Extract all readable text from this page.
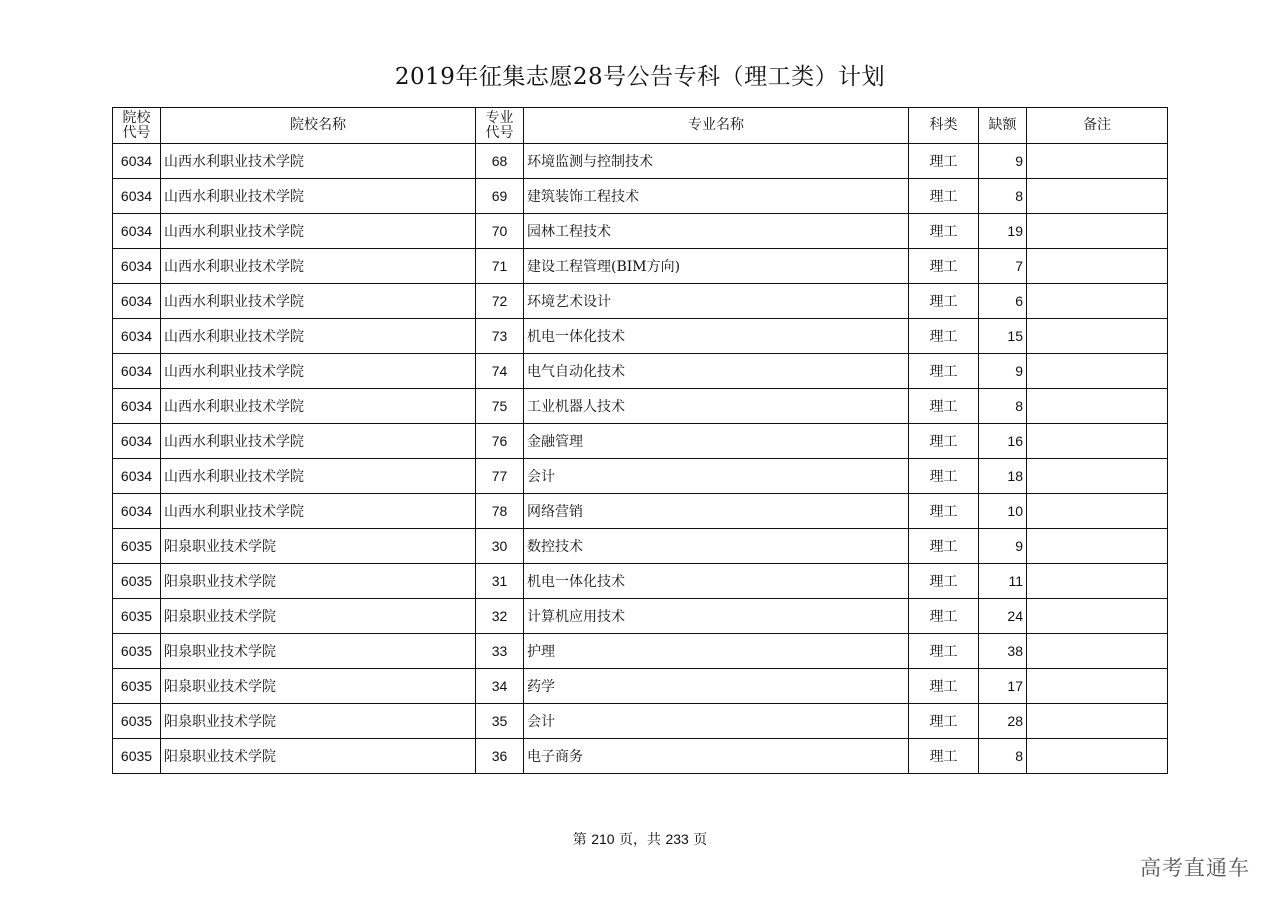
2019年征集志愿28号公告专科（理工类）计划
院校代号	院校名称	专业代号	专业名称	科类	缺额	备注
6034	山西水利职业技术学院	68	环境监测与控制技术	理工	9	
6034	山西水利职业技术学院	69	建筑装饰工程技术	理工	8	
6034	山西水利职业技术学院	70	园林工程技术	理工	19	
6034	山西水利职业技术学院	71	建设工程管理(BIM方向)	理工	7	
6034	山西水利职业技术学院	72	环境艺术设计	理工	6	
6034	山西水利职业技术学院	73	机电一体化技术	理工	15	
6034	山西水利职业技术学院	74	电气自动化技术	理工	9	
6034	山西水利职业技术学院	75	工业机器人技术	理工	8	
6034	山西水利职业技术学院	76	金融管理	理工	16	
6034	山西水利职业技术学院	77	会计	理工	18	
6034	山西水利职业技术学院	78	网络营销	理工	10	
6035	阳泉职业技术学院	30	数控技术	理工	9	
6035	阳泉职业技术学院	31	机电一体化技术	理工	11	
6035	阳泉职业技术学院	32	计算机应用技术	理工	24	
6035	阳泉职业技术学院	33	护理	理工	38	
6035	阳泉职业技术学院	34	药学	理工	17	
6035	阳泉职业技术学院	35	会计	理工	28	
6035	阳泉职业技术学院	36	电子商务	理工	8	
第 210 页，共 233 页
高考直通车
